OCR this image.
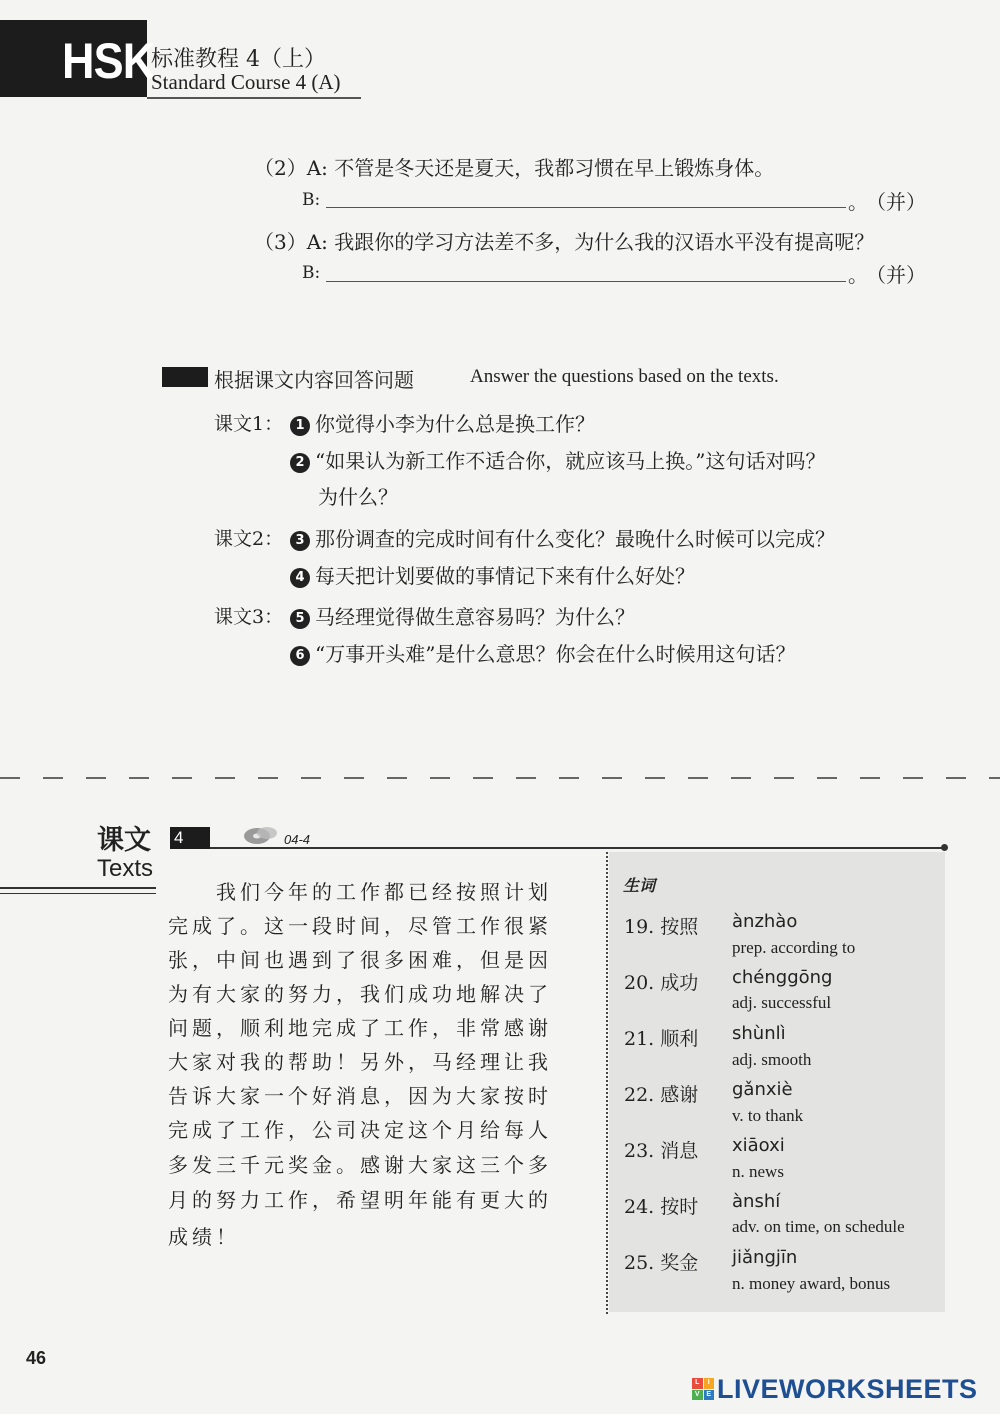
HSK
标准教程 4（上）
Standard Course 4 (A)
（2）A: 不管是冬天还是夏天，我都习惯在早上锻炼身体。
B:	。
（并）
（3）A: 我跟你的学习方法差不多，为什么我的汉语水平没有提高呢？
B:	。
（并）
根据课文内容回答问题	Answer the questions based on the texts.
课文1： 1 你觉得小李为什么总是换工作？
2 “如果认为新工作不适合你，就应该马上换。”这句话对吗？
为什么？
课文2： 3 那份调查的完成时间有什么变化？最晚什么时候可以完成？
4 每天把计划要做的事情记下来有什么好处？
课文3： 5 马经理觉得做生意容易吗？为什么？
6 “万事开头难”是什么意思？你会在什么时候用这句话？
课文
Texts
4	04-4
　　我们今年的工作都已经按照计划
完成了。这一段时间，尽管工作很紧
张，中间也遇到了很多困难，但是因
为有大家的努力，我们成功地解决了
问题，顺利地完成了工作，非常感谢
大家对我的帮助！另外，马经理让我
告诉大家一个好消息，因为大家按时
完成了工作，公司决定这个月给每人
多发三千元奖金。感谢大家这三个多
月的努力工作，希望明年能有更大的
成绩！
生词
19. 按照 ànzhào
prep. according to
20. 成功 chénggōng
adj. successful
21. 顺利 shùnlì
adj. smooth
22. 感谢 gǎnxiè
v. to thank
23. 消息 xiāoxi
n. news
24. 按时 ànshí
adv. on time, on schedule
25. 奖金 jiǎngjīn
n. money award, bonus
46
L	I
V E LIVEWORKSHEETS
